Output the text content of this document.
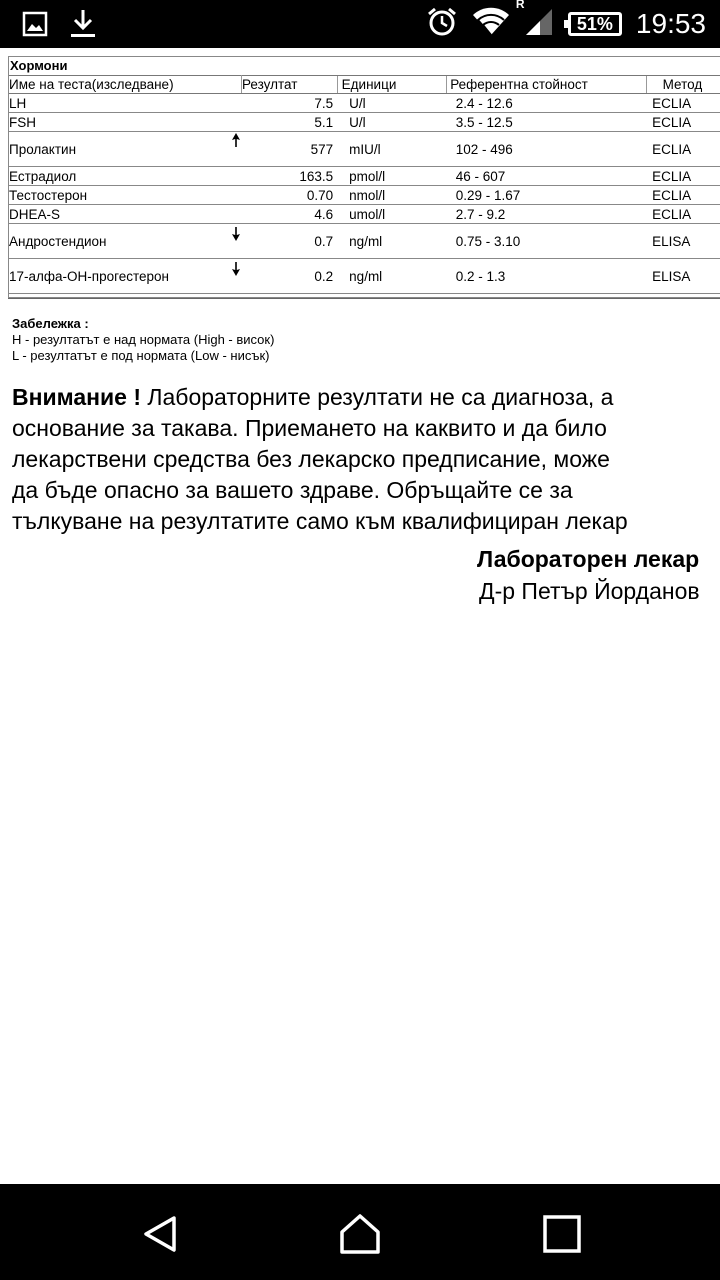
R
51% 19:53
Хормони
Име на теста(изследване)		Резултат	Единици	Референтна стойност	Метод
LH		7.5	U/l	2.4 - 12.6	ECLIA
FSH		5.1	U/l	3.5 - 12.5	ECLIA
Пролактин		577	mIU/l	102 - 496	ECLIA
Естрадиол		163.5	pmol/l	46 - 607	ECLIA
Тестостерон		0.70	nmol/l	0.29 - 1.67	ECLIA
DHEA-S		4.6	umol/l	2.7 - 9.2	ECLIA
Андростендион		0.7	ng/ml	0.75 - 3.10	ELISA
17-алфа-ОН-прогестерон		0.2	ng/ml	0.2 - 1.3	ELISA
Забележка :
H - резултатът е над нормата (High - висок)
L - резултатът е под нормата (Low - нисък)
Внимание ! Лабораторните резултати не са диагноза, а
основание за такава. Приемането на каквито и да било
лекарствени средства без лекарско предписание, може
да бъде опасно за вашето здраве. Обръщайте се за
тълкуване на резултатите само към квалифициран лекар
Лабораторен лекар
Д-р Петър Йорданов
